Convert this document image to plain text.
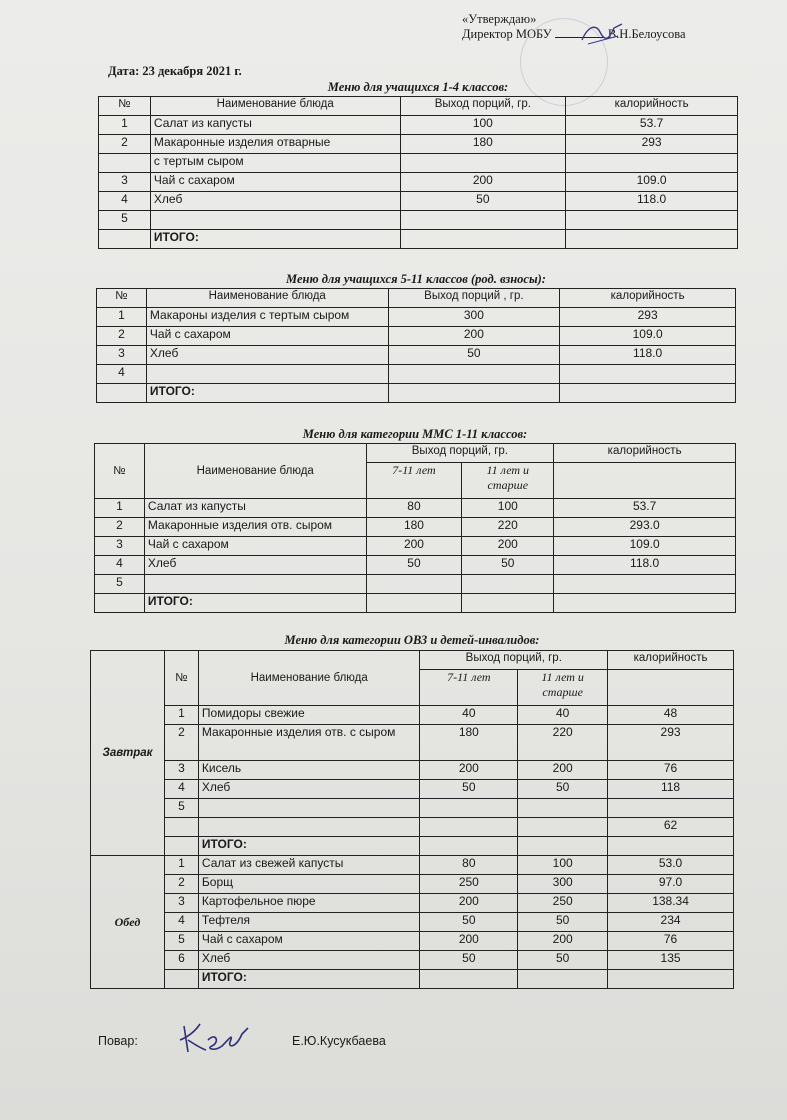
«Утверждаю»
Директор МОБУ	В.Н.Белоусова
Дата: 23 декабря 2021 г.
Меню для учащихся 1-4 классов:
№	Наименование блюда	Выход порций, гр.	калорийность
1	Салат из капусты	100	53.7
2	Макаронные изделия отварные	180	293
	с тертым сыром		
3	Чай с сахаром	200	109.0
4	Хлеб	50	118.0
5			
	ИТОГО:		
Меню для учащихся 5-11 классов (род. взносы):
№	Наименование блюда	Выход порций , гр.	калорийность
1	Макароны изделия с тертым сыром	300	293
2	Чай с сахаром	200	109.0
3	Хлеб	50	118.0
4			
	ИТОГО:		
Меню для категории ММС 1-11 классов:
№	Наименование блюда	Выход порций, гр.		калорийность
		7-11 лет	11 лет и старше	
1	Салат из капусты	80	100	53.7
2	Макаронные изделия отв. сыром	180	220	293.0
3	Чай с сахаром	200	200	109.0
4	Хлеб	50	50	118.0
5				
	ИТОГО:			
Меню для категории ОВЗ и детей-инвалидов:
Завтрак	№	Наименование блюда	Выход порций, гр.		калорийность
			7-11 лет	11 лет и старше	
	1	Помидоры свежие	40	40	48
	2	Макаронные изделия отв. с сыром	180	220	293
	3	Кисель	200	200	76
	4	Хлеб	50	50	118
	5				
					62
		ИТОГО:			
Обед	1	Салат из свежей капусты	80	100	53.0
	2	Борщ	250	300	97.0
	3	Картофельное пюре	200	250	138.34
	4	Тефтеля	50	50	234
	5	Чай с сахаром	200	200	76
	6	Хлеб	50	50	135
		ИТОГО:			
Повар:	Е.Ю.Кусукбаева
